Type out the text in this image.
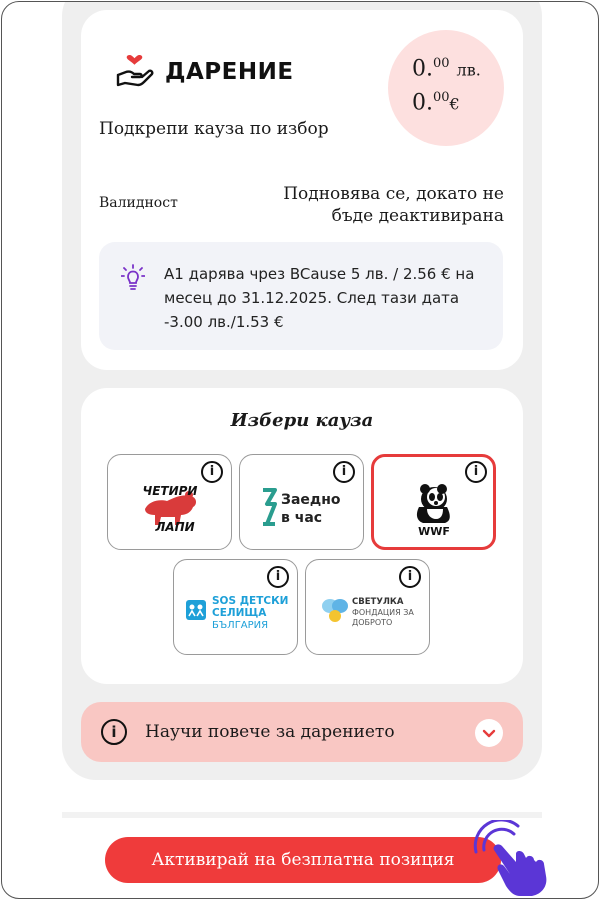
ДАРЕНИЕ
Подкрепи кауза по избор
0.00 лв.
0.00€
Валидност	Подновява се, докато не бъде деактивирана
А1 дарява чрез BCause 5 лв. / 2.56 € на месец до 31.12.2025. След тази дата -3.00 лв./1.53 €
Избери кауза
i
ЧЕТИРИ
ЛАПИ
i
Заедно
в час
i
WWF
i
SOS ДЕТСКИ
СЕЛИЩА
БЪЛГАРИЯ
i
СВЕТУЛКА
ФОНДАЦИЯ ЗА
ДОБРОТО
i	Научи повече за дарението
Активирай на безплатна позиция
